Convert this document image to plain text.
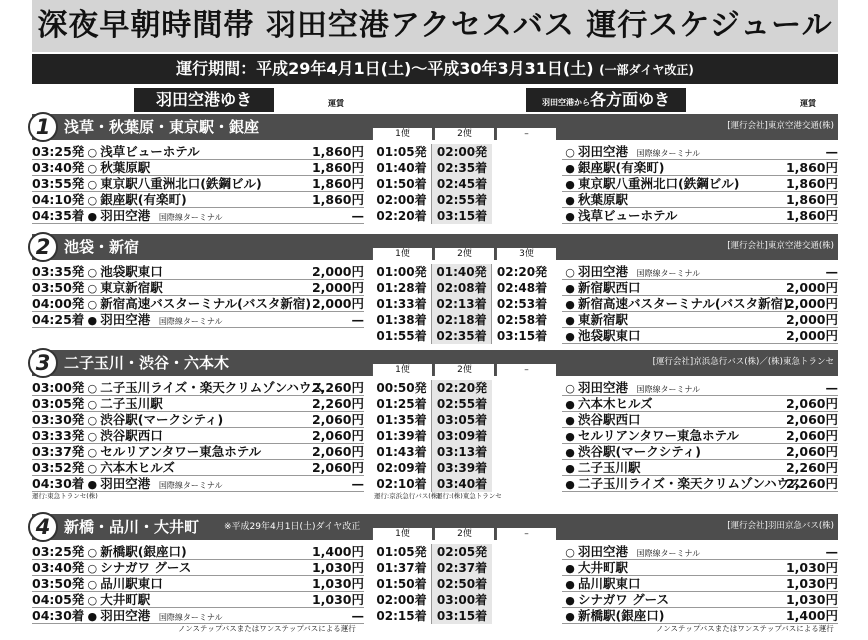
深夜早朝時間帯 羽田空港アクセスバス 運行スケジュール
運行期間：平成29年4月1日(土)～平成30年3月31日(土) (一部ダイヤ改正)
羽田空港ゆき	運賃	羽田空港から各方面ゆき	運賃
1 浅草・秋葉原・東京駅・銀座	[運行会社]東京空港交通(株)
1便	2便	–
03:25発 ○ 浅草ビューホテル	1,860円
03:40発 ○ 秋葉原駅	1,860円
03:55発 ○ 東京駅八重洲北口(鉄鋼ビル)	1,860円
04:10発 ○ 銀座駅(有楽町)	1,860円
04:35着 ● 羽田空港 国際線ターミナル	—
01:05発 02:00発
01:40着 02:35着
01:50着 02:45着
02:00着 02:55着
02:20着 03:15着
○ 羽田空港 国際線ターミナル	—
● 銀座駅(有楽町)	1,860円
● 東京駅八重洲北口(鉄鋼ビル)	1,860円
● 秋葉原駅	1,860円
● 浅草ビューホテル	1,860円
2 池袋・新宿	[運行会社]東京空港交通(株)
1便	2便	3便
03:35発 ○ 池袋駅東口	2,000円
03:50発 ○ 東京新宿駅	2,000円
04:00発 ○ 新宿高速バスターミナル(バスタ新宿) 2,000円
04:25着 ● 羽田空港 国際線ターミナル	—
01:00発 01:40発 02:20発
01:28着 02:08着 02:48着
01:33着 02:13着 02:53着
01:38着 02:18着 02:58着
01:55着 02:35着 03:15着
○ 羽田空港 国際線ターミナル	—
● 新宿駅西口	2,000円
● 新宿高速バスターミナル(バスタ新宿)
2,000円
● 東新宿駅	2,000円
● 池袋駅東口	2,000円
3 二子玉川・渋谷・六本木	[運行会社]京浜急行バス(株)／(株)東急トランセ
1便	2便	–
03:00発 ○ 二子玉川ライズ・楽天クリムゾンハウス
2,260円
03:05発 ○ 二子玉川駅	2,260円
03:30発 ○ 渋谷駅(マークシティ)	2,060円
03:33発 ○ 渋谷駅西口	2,060円
03:37発 ○ セルリアンタワー東急ホテル	2,060円
03:52発 ○ 六本木ヒルズ	2,060円
04:30着 ● 羽田空港 国際線ターミナル	—
00:50発 02:20発
01:25着 02:55着
01:35着 03:05着
01:39着 03:09着
01:43着 03:13着
02:09着 03:39着
02:10着 03:40着
○ 羽田空港 国際線ターミナル	—
● 六本木ヒルズ	2,060円
● 渋谷駅西口	2,060円
● セルリアンタワー東急ホテル	2,060円
● 渋谷駅(マークシティ)	2,060円
● 二子玉川駅	2,260円
● 二子玉川ライズ・楽天クリムゾンハウス
2,260円
運行:東急トランセ(株)	運行:京浜急行バス(株)
運行:(株)東急トランセ
4 新橋・品川・大井町	※平成29年4月1日(土)ダイヤ改正	[運行会社]羽田京急バス(株)
1便	2便	–
03:25発 ○ 新橋駅(銀座口)	1,400円
03:40発 ○ シナガワ グース	1,030円
03:50発 ○ 品川駅東口	1,030円
04:05発 ○ 大井町駅	1,030円
04:30着 ● 羽田空港 国際線ターミナル	—
01:05発 02:05発
01:37着 02:37着
01:50着 02:50着
02:00着 03:00着
02:15着 03:15着
○ 羽田空港 国際線ターミナル	—
● 大井町駅	1,030円
● 品川駅東口	1,030円
● シナガワ グース	1,030円
● 新橋駅(銀座口)	1,400円
ノンステップバスまたはワンステップバスによる運行	ノンステップバスまたはワンステップバスによる運行
